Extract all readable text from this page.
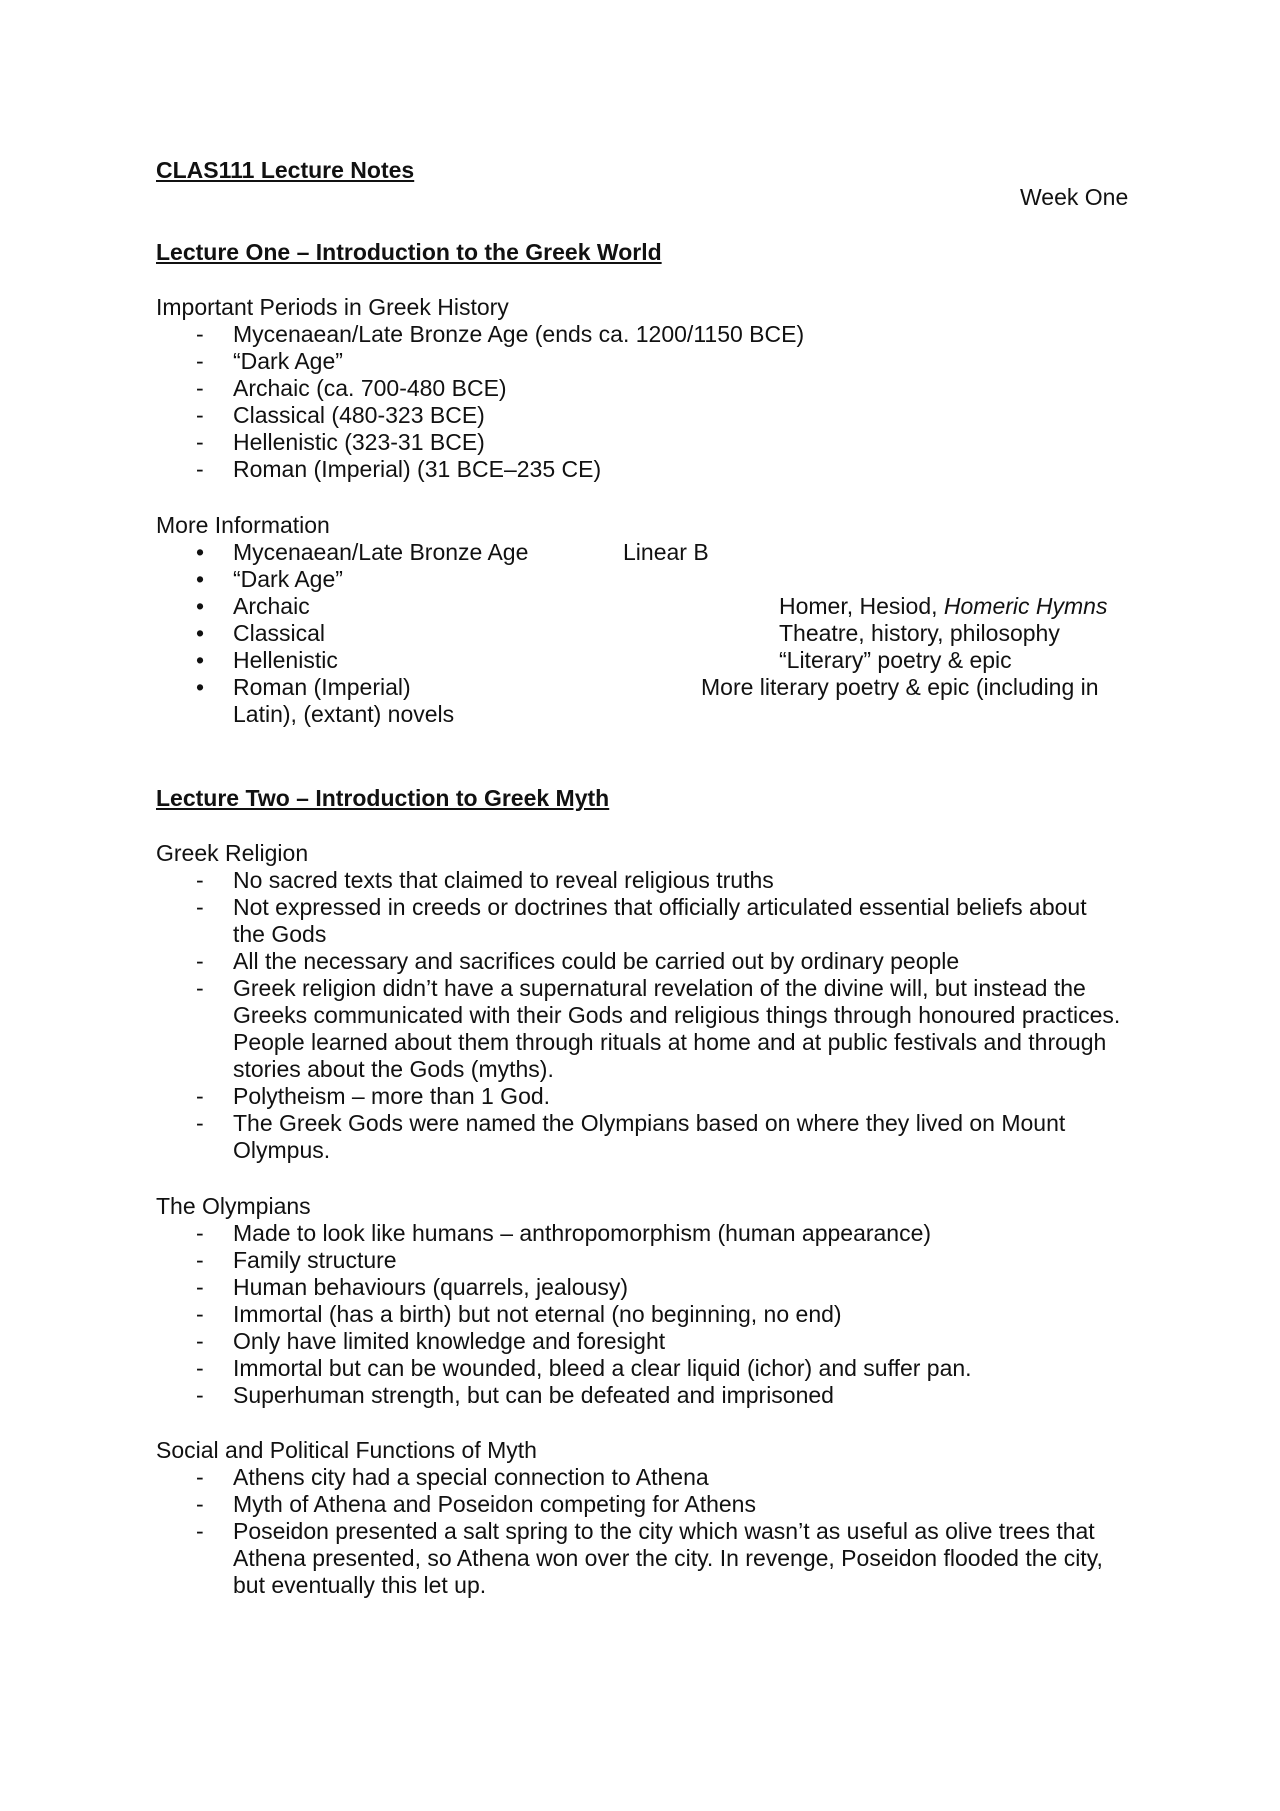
CLAS111 Lecture Notes
Week One
Lecture One – Introduction to the Greek World
Important Periods in Greek History
- Mycenaean/Late Bronze Age (ends ca. 1200/1150 BCE)
- “Dark Age”
- Archaic (ca. 700-480 BCE)
- Classical (480-323 BCE)
- Hellenistic (323-31 BCE)
- Roman (Imperial) (31 BCE–235 CE)
More Information
• Mycenaean/Late Bronze Age	Linear B
• “Dark Age”
• Archaic	Homer, Hesiod, Homeric Hymns
• Classical	Theatre, history, philosophy
• Hellenistic	“Literary” poetry & epic
• Roman (Imperial)	More literary poetry & epic (including in
Latin), (extant) novels
Lecture Two – Introduction to Greek Myth
Greek Religion
- No sacred texts that claimed to reveal religious truths
- Not expressed in creeds or doctrines that officially articulated essential beliefs about the Gods
- All the necessary and sacrifices could be carried out by ordinary people
- Greek religion didn’t have a supernatural revelation of the divine will, but instead the Greeks communicated with their Gods and religious things through honoured practices. People learned about them through rituals at home and at public festivals and through stories about the Gods (myths).
- Polytheism – more than 1 God.
- The Greek Gods were named the Olympians based on where they lived on Mount Olympus.
The Olympians
- Made to look like humans – anthropomorphism (human appearance)
- Family structure
- Human behaviours (quarrels, jealousy)
- Immortal (has a birth) but not eternal (no beginning, no end)
- Only have limited knowledge and foresight
- Immortal but can be wounded, bleed a clear liquid (ichor) and suffer pan.
- Superhuman strength, but can be defeated and imprisoned
Social and Political Functions of Myth
- Athens city had a special connection to Athena
- Myth of Athena and Poseidon competing for Athens
- Poseidon presented a salt spring to the city which wasn’t as useful as olive trees that Athena presented, so Athena won over the city. In revenge, Poseidon flooded the city, but eventually this let up.
